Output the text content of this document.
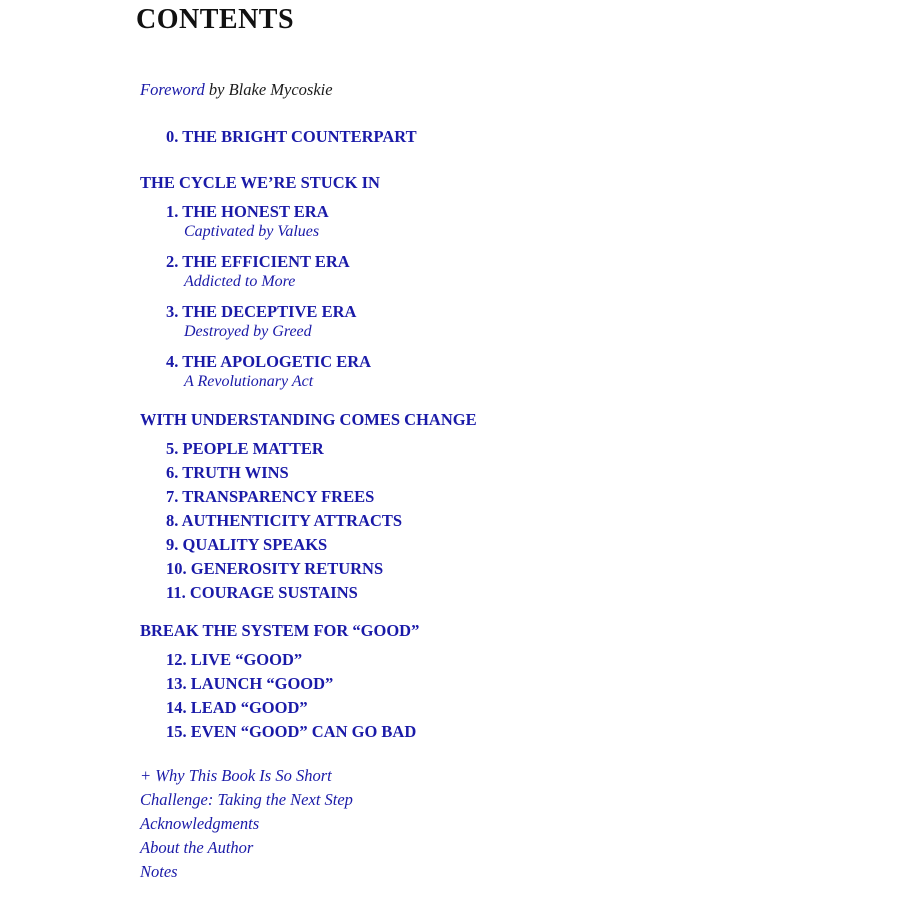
CONTENTS
Foreword by Blake Mycoskie
0. THE BRIGHT COUNTERPART
THE CYCLE WE’RE STUCK IN
1. THE HONEST ERA
Captivated by Values
2. THE EFFICIENT ERA
Addicted to More
3. THE DECEPTIVE ERA
Destroyed by Greed
4. THE APOLOGETIC ERA
A Revolutionary Act
WITH UNDERSTANDING COMES CHANGE
5. PEOPLE MATTER
6. TRUTH WINS
7. TRANSPARENCY FREES
8. AUTHENTICITY ATTRACTS
9. QUALITY SPEAKS
10. GENEROSITY RETURNS
11. COURAGE SUSTAINS
BREAK THE SYSTEM FOR “GOOD”
12. LIVE “GOOD”
13. LAUNCH “GOOD”
14. LEAD “GOOD”
15. EVEN “GOOD” CAN GO BAD
+ Why This Book Is So Short
Challenge: Taking the Next Step
Acknowledgments
About the Author
Notes
